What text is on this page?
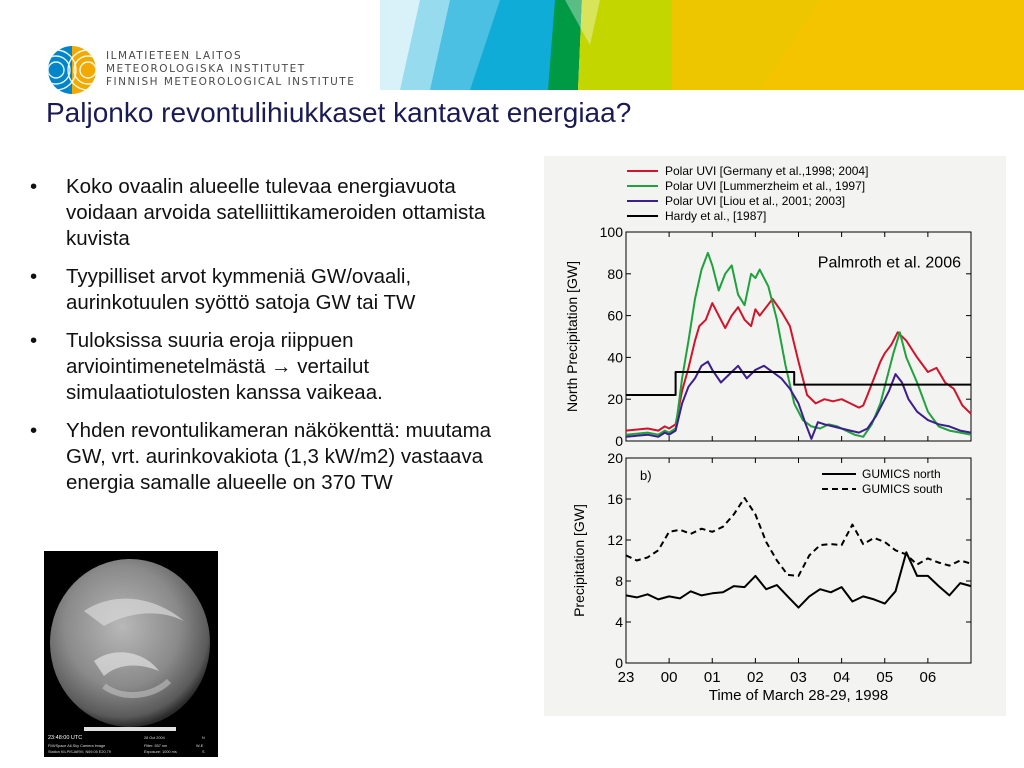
ILMATIETEEN LAITOS
METEOROLOGISKA INSTITUTET
FINNISH METEOROLOGICAL INSTITUTE
Paljonko revontulihiukkaset kantavat energiaa?
• Koko ovaalin alueelle tulevaa energiavuota voidaan arvoida satelliittikameroiden ottamista kuvista
• Tyypilliset arvot kymmeniä GW/ovaali, aurinkotuulen syöttö satoja GW tai TW
• Tuloksissa suuria eroja riippuen arviointimenetelmästä → vertailut simulaatiotulosten kanssa vaikeaa.
• Yhden revontulikameran näkökenttä: muutama GW, vrt. aurinkovakiota (1,3 kW/m2) vastaava energia samalle alueelle on 370 TW
23:48:00 UTC
FMI/Space All-Sky Camera Image
Station KILPISJARVI, N69.05 E20.79
28 Oct 2004
Filter: 557 nm
Exposure: 1000 ms
N
W-E
S
Polar UVI [Germany et al.,1998; 2004]
Polar UVI [Lummerzheim et al., 1997]
Polar UVI [Liou et al., 2001; 2003]
Hardy et al., [1987]
0
20
40
60
80
100
0
4
8
12
16
20
23 00 01 02 03 04 05 06
North Precipitation [GW]
Precipitation [GW]
Time of March 28-29, 1998
Palmroth et al. 2006
b)	GUMICS north
GUMICS south
